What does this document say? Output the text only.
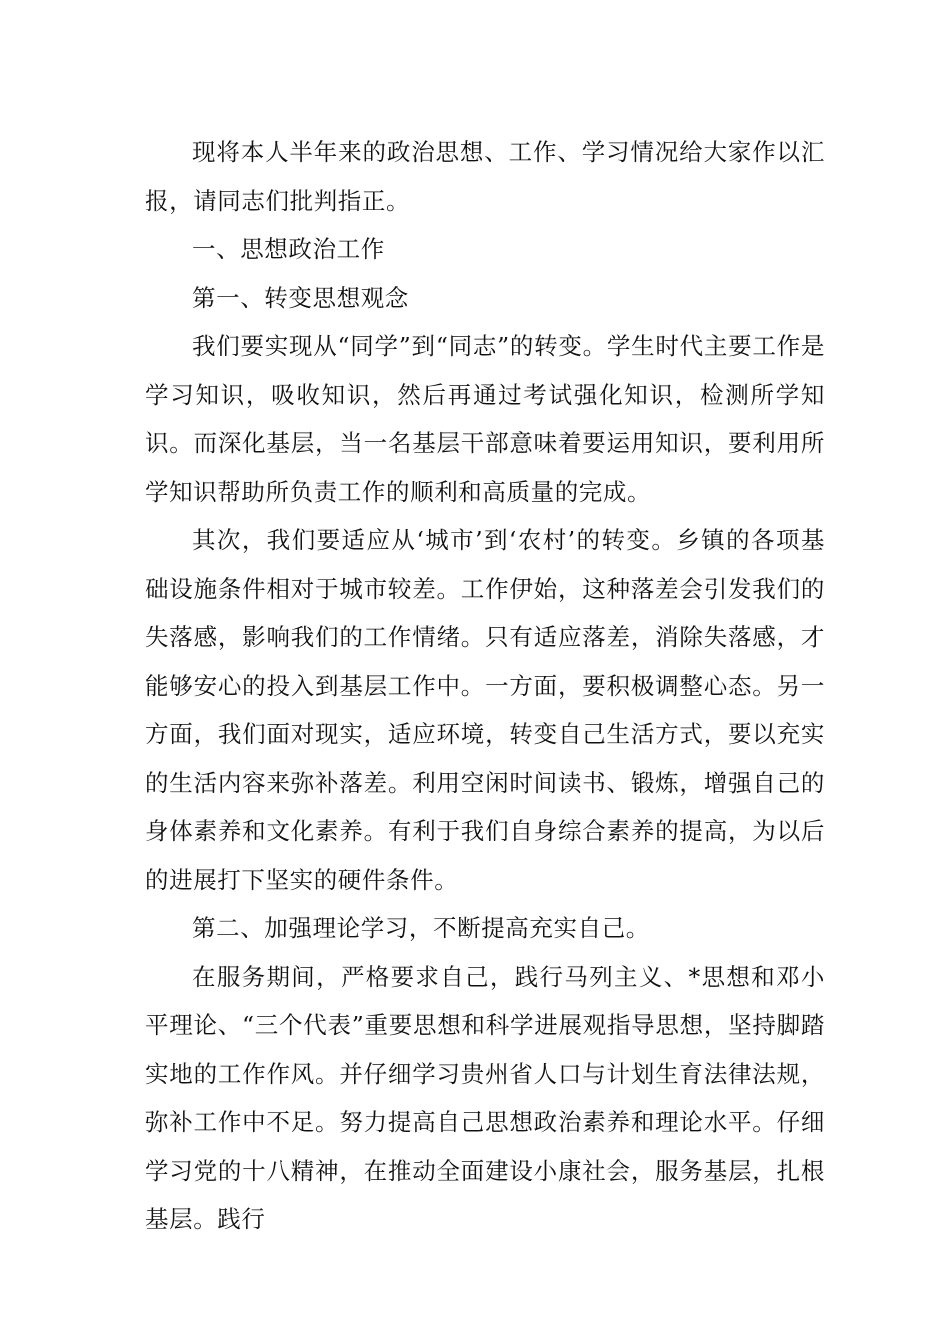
现将本人半年来的政治思想、工作、学习情况给大家作以汇报，请同志们批判指正。

一、思想政治工作

第一、转变思想观念

我们要实现从“同学”到“同志”的转变。学生时代主要工作是学习知识，吸收知识，然后再通过考试强化知识，检测所学知识。而深化基层，当一名基层干部意味着要运用知识，要利用所学知识帮助所负责工作的顺利和高质量的完成。

其次，我们要适应从‘城市’到‘农村’的转变。乡镇的各项基础设施条件相对于城市较差。工作伊始，这种落差会引发我们的失落感，影响我们的工作情绪。只有适应落差，消除失落感，才能够安心的投入到基层工作中。一方面，要积极调整心态。另一方面，我们面对现实，适应环境，转变自己生活方式，要以充实的生活内容来弥补落差。利用空闲时间读书、锻炼，增强自己的身体素养和文化素养。有利于我们自身综合素养的提高，为以后的进展打下坚实的硬件条件。

第二、加强理论学习，不断提高充实自己。

在服务期间，严格要求自己，践行马列主义、*思想和邓小平理论、“三个代表”重要思想和科学进展观指导思想，坚持脚踏实地的工作作风。并仔细学习贵州省人口与计划生育法律法规，弥补工作中不足。努力提高自己思想政治素养和理论水平。仔细学习党的十八精神，在推动全面建设小康社会，服务基层，扎根基层。践行
